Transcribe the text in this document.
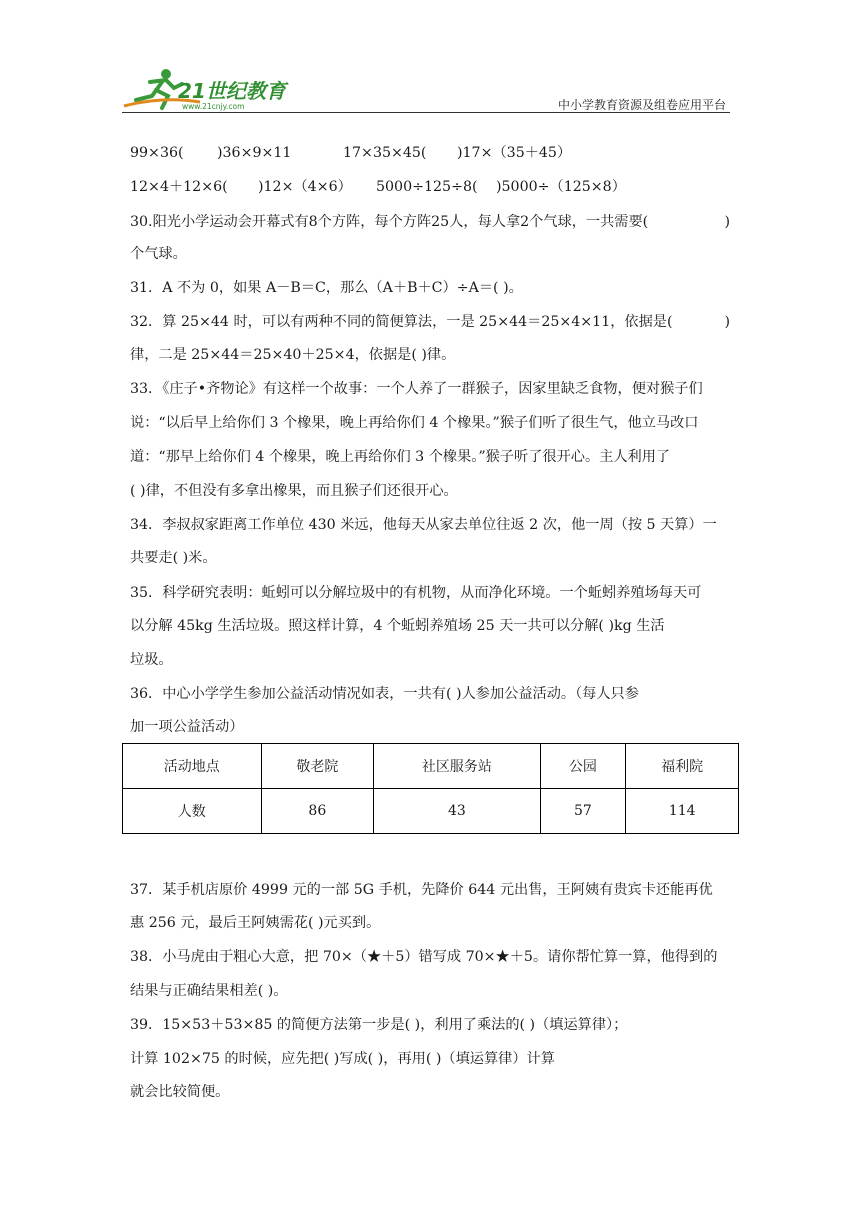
21世纪教育
www.21cnjy.com	中小学教育资源及组卷应用平台
99×36( )36×9×11	17×35×45( )17×（35＋45）
12×4＋12×6( )12×（4×6） 5000÷125÷8( )5000÷（125×8）
30.阳光小学运动会开幕式有8个方阵，每个方阵25人，每人拿2个气球，一共需要(	)
个气球。
31．A 不为 0，如果 A－B＝C，那么（A＋B＋C）÷A＝( )。
32．算 25×44 时，可以有两种不同的简便算法，一是 25×44＝25×4×11，依据是(	)
律，二是 25×44＝25×40＋25×4，依据是( )律。
33．《庄子•齐物论》有这样一个故事：一个人养了一群猴子，因家里缺乏食物，便对猴子们
说：“以后早上给你们 3 个橡果，晚上再给你们 4 个橡果。”猴子们听了很生气，他立马改口
道：“那早上给你们 4 个橡果，晚上再给你们 3 个橡果。”猴子听了很开心。主人利用了
( )律，不但没有多拿出橡果，而且猴子们还很开心。
34．李叔叔家距离工作单位 430 米远，他每天从家去单位往返 2 次，他一周（按 5 天算）一
共要走( )米。
35．科学研究表明：蚯蚓可以分解垃圾中的有机物，从而净化环境。一个蚯蚓养殖场每天可
以分解 45kg 生活垃圾。照这样计算，4 个蚯蚓养殖场 25 天一共可以分解( )kg 生活
垃圾。
36．中心小学学生参加公益活动情况如表，一共有( )人参加公益活动。（每人只参
加一项公益活动）
活动地点	敬老院	社区服务站	公园	福利院
人数	86	43	57	114
37．某手机店原价 4999 元的一部 5G 手机，先降价 644 元出售，王阿姨有贵宾卡还能再优
惠 256 元，最后王阿姨需花( )元买到。
38．小马虎由于粗心大意，把 70×（★＋5）错写成 70×★＋5。请你帮忙算一算，他得到的
结果与正确结果相差( )。
39．15×53＋53×85 的简便方法第一步是( )，利用了乘法的( )（填运算律）；
计算 102×75 的时候，应先把( )写成( )，再用( )（填运算律）计算
就会比较简便。
